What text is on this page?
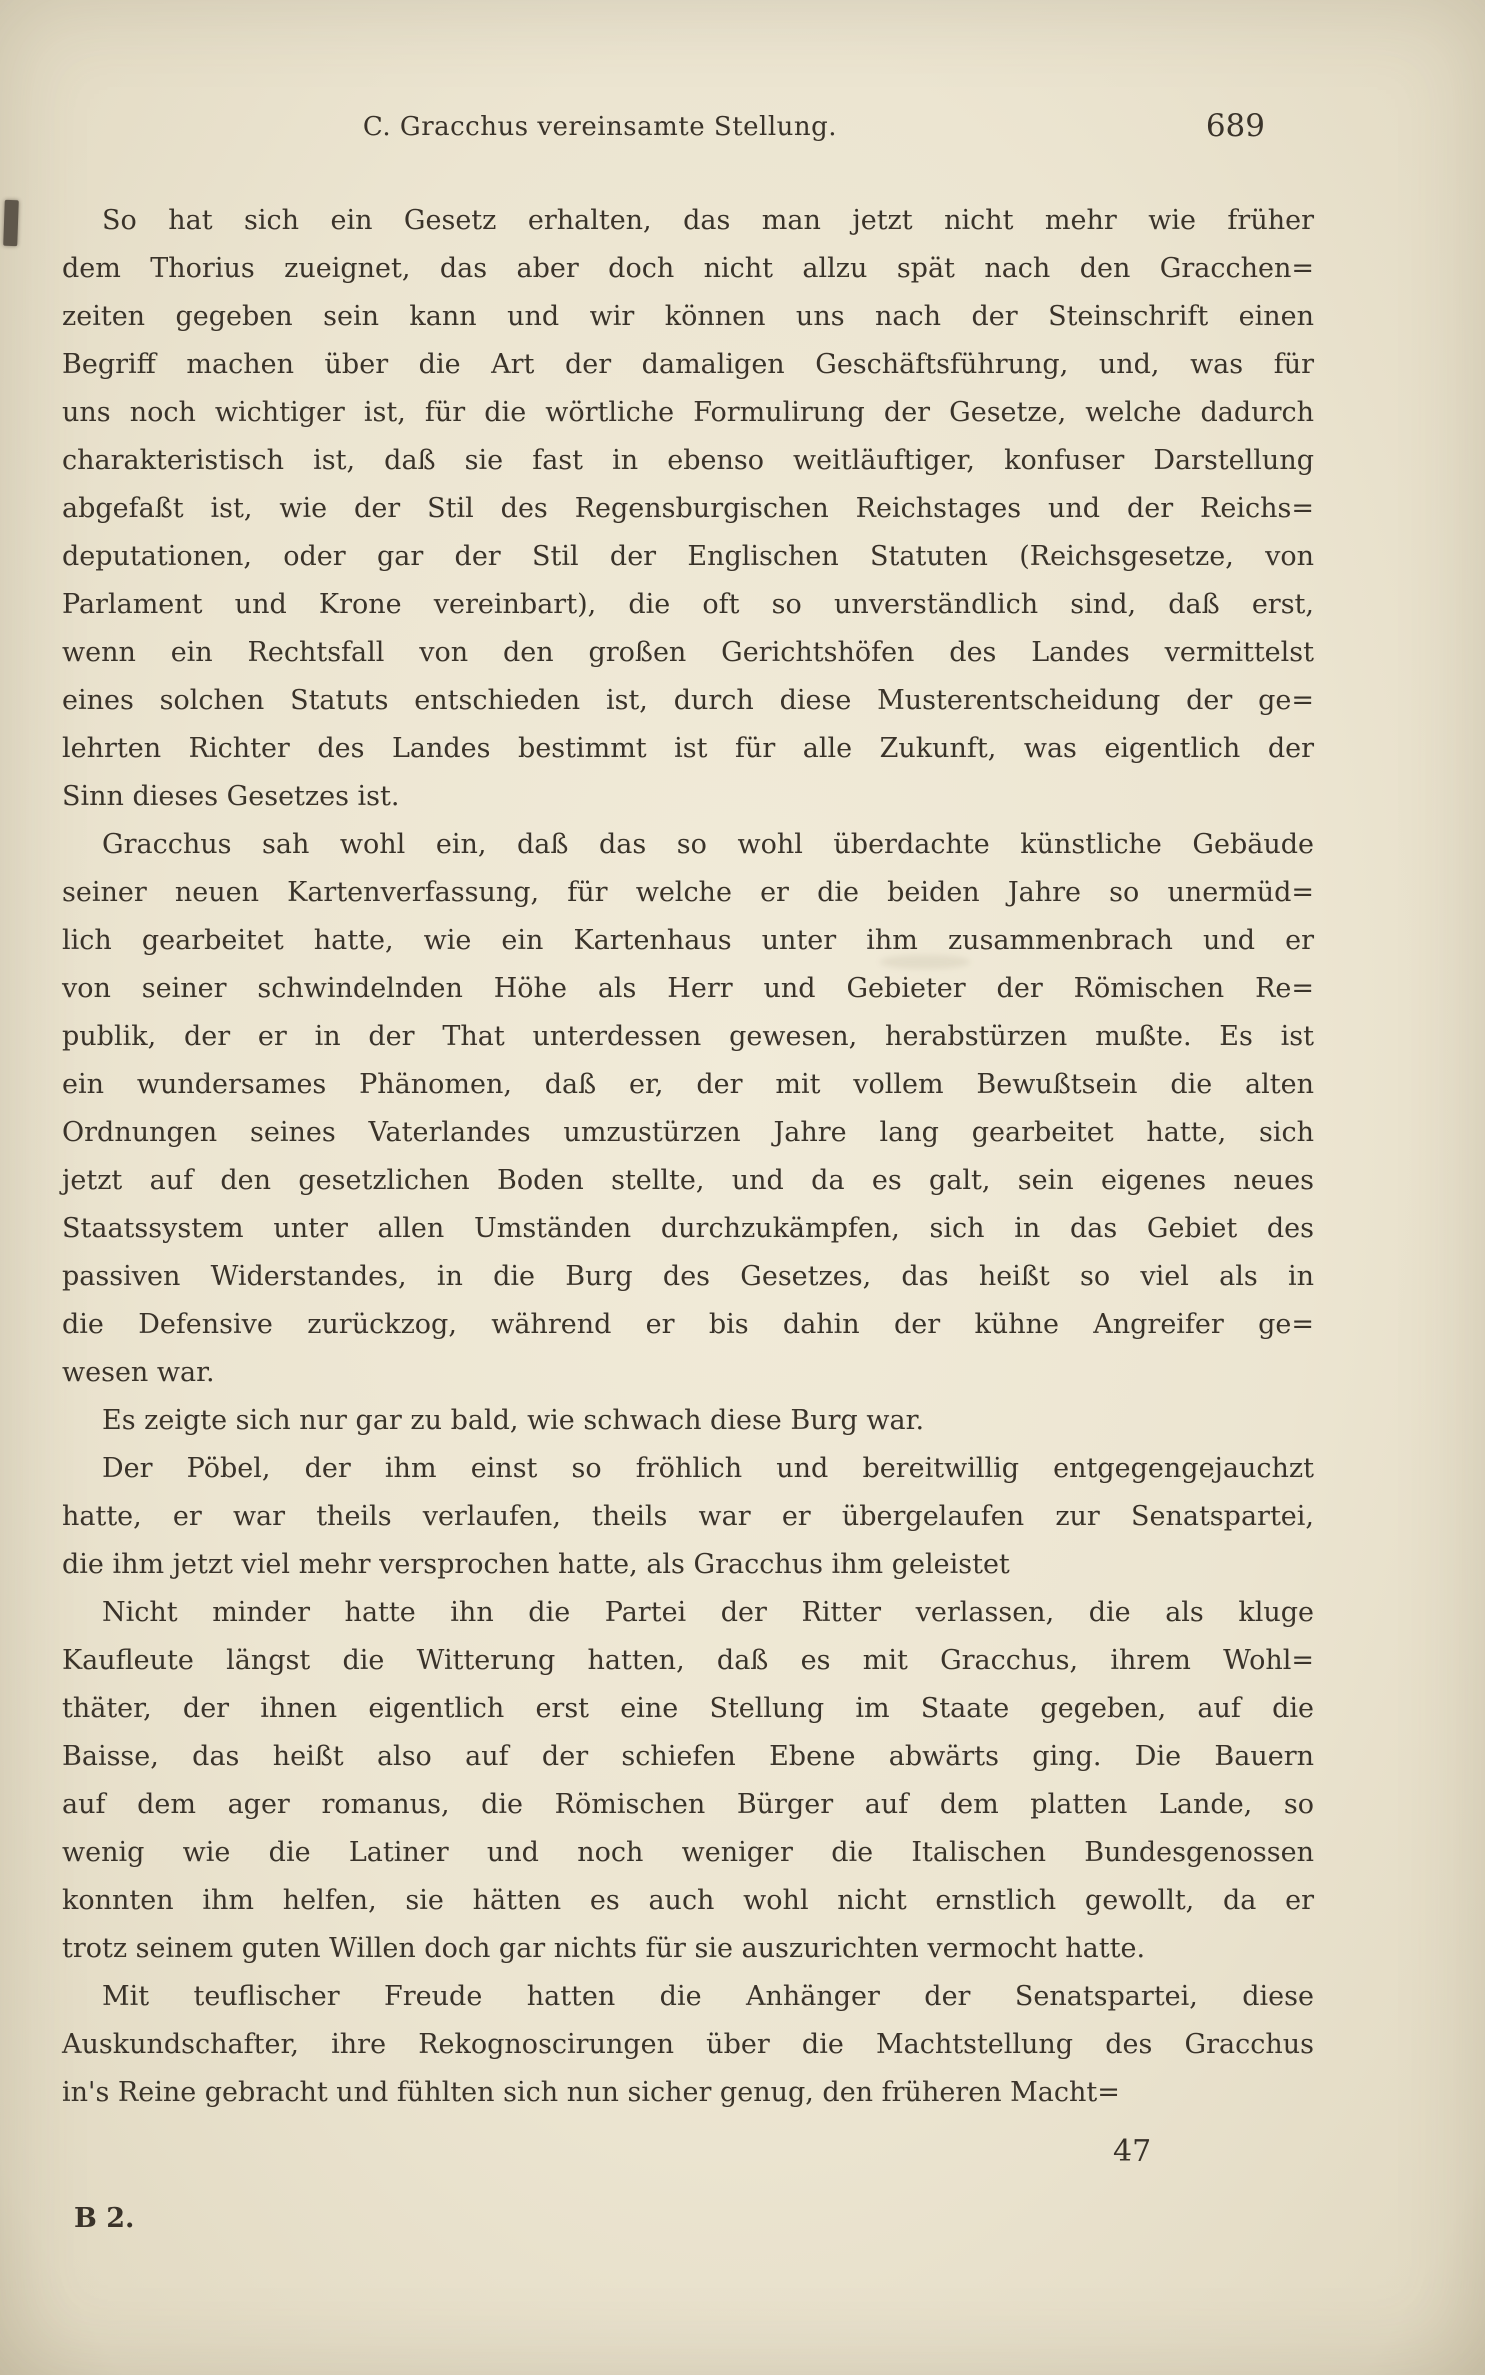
C. Gracchus vereinsamte Stellung.	689
So hat sich ein Gesetz erhalten, das man jetzt nicht mehr wie früher
dem Thorius zueignet, das aber doch nicht allzu spät nach den Gracchen=
zeiten gegeben sein kann und wir können uns nach der Steinschrift einen
Begriff machen über die Art der damaligen Geschäftsführung, und, was für
uns noch wichtiger ist, für die wörtliche Formulirung der Gesetze, welche dadurch
charakteristisch ist, daß sie fast in ebenso weitläuftiger, konfuser Darstellung
abgefaßt ist, wie der Stil des Regensburgischen Reichstages und der Reichs=
deputationen, oder gar der Stil der Englischen Statuten (Reichsgesetze, von
Parlament und Krone vereinbart), die oft so unverständlich sind, daß erst,
wenn ein Rechtsfall von den großen Gerichtshöfen des Landes vermittelst
eines solchen Statuts entschieden ist, durch diese Musterentscheidung der ge=
lehrten Richter des Landes bestimmt ist für alle Zukunft, was eigentlich der
Sinn dieses Gesetzes ist.
Gracchus sah wohl ein, daß das so wohl überdachte künstliche Gebäude
seiner neuen Kartenverfassung, für welche er die beiden Jahre so unermüd=
lich gearbeitet hatte, wie ein Kartenhaus unter ihm zusammenbrach und er
von seiner schwindelnden Höhe als Herr und Gebieter der Römischen Re=
publik, der er in der That unterdessen gewesen, herabstürzen mußte. Es ist
ein wundersames Phänomen, daß er, der mit vollem Bewußtsein die alten
Ordnungen seines Vaterlandes umzustürzen Jahre lang gearbeitet hatte, sich
jetzt auf den gesetzlichen Boden stellte, und da es galt, sein eigenes neues
Staatssystem unter allen Umständen durchzukämpfen, sich in das Gebiet des
passiven Widerstandes, in die Burg des Gesetzes, das heißt so viel als in
die Defensive zurückzog, während er bis dahin der kühne Angreifer ge=
wesen war.
Es zeigte sich nur gar zu bald, wie schwach diese Burg war.
Der Pöbel, der ihm einst so fröhlich und bereitwillig entgegengejauchzt
hatte, er war theils verlaufen, theils war er übergelaufen zur Senatspartei,
die ihm jetzt viel mehr versprochen hatte, als Gracchus ihm geleistet
Nicht minder hatte ihn die Partei der Ritter verlassen, die als kluge
Kaufleute längst die Witterung hatten, daß es mit Gracchus, ihrem Wohl=
thäter, der ihnen eigentlich erst eine Stellung im Staate gegeben, auf die
Baisse, das heißt also auf der schiefen Ebene abwärts ging. Die Bauern
auf dem ager romanus, die Römischen Bürger auf dem platten Lande, so
wenig wie die Latiner und noch weniger die Italischen Bundesgenossen
konnten ihm helfen, sie hätten es auch wohl nicht ernstlich gewollt, da er
trotz seinem guten Willen doch gar nichts für sie auszurichten vermocht hatte.
Mit teuflischer Freude hatten die Anhänger der Senatspartei, diese
Auskundschafter, ihre Rekognoscirungen über die Machtstellung des Gracchus
in's Reine gebracht und fühlten sich nun sicher genug, den früheren Macht=
47
B 2.
